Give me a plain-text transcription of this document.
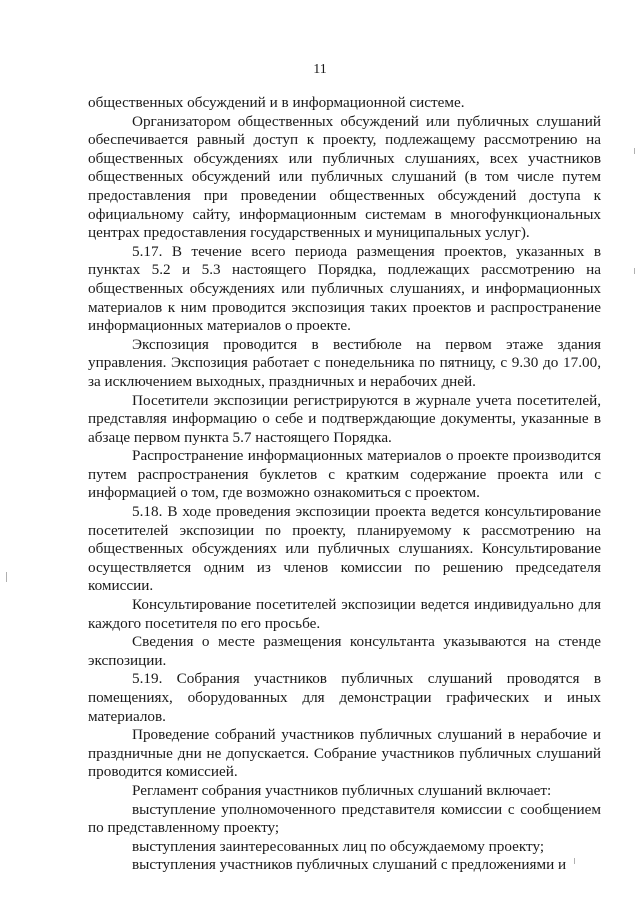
11

общественных обсуждений и в информационной системе.

Организатором общественных обсуждений или публичных слушаний обеспечивается равный доступ к проекту, подлежащему рассмотрению на общественных обсуждениях или публичных слушаниях, всех участников общественных обсуждений или публичных слушаний (в том числе путем предоставления при проведении общественных обсуждений доступа к официальному сайту, информационным системам в многофункциональных центрах предоставления государственных и муниципальных услуг).

5.17. В течение всего периода размещения проектов, указанных в пунктах 5.2 и 5.3 настоящего Порядка, подлежащих рассмотрению на общественных обсуждениях или публичных слушаниях, и информационных материалов к ним проводится экспозиция таких проектов и распространение информационных материалов о проекте.

Экспозиция проводится в вестибюле на первом этаже здания управления. Экспозиция работает с понедельника по пятницу, с 9.30 до 17.00, за исключением выходных, праздничных и нерабочих дней.

Посетители экспозиции регистрируются в журнале учета посетителей, представляя информацию о себе и подтверждающие документы, указанные в абзаце первом пункта 5.7 настоящего Порядка.

Распространение информационных материалов о проекте производится путем распространения буклетов с кратким содержание проекта или с информацией о том, где возможно ознакомиться с проектом.

5.18. В ходе проведения экспозиции проекта ведется консультирование посетителей экспозиции по проекту, планируемому к рассмотрению на общественных обсуждениях или публичных слушаниях. Консультирование осуществляется одним из членов комиссии по решению председателя комиссии.

Консультирование посетителей экспозиции ведется индивидуально для каждого посетителя по его просьбе.

Сведения о месте размещения консультанта указываются на стенде экспозиции.

5.19. Собрания участников публичных слушаний проводятся в помещениях, оборудованных для демонстрации графических и иных материалов.

Проведение собраний участников публичных слушаний в нерабочие и праздничные дни не допускается. Собрание участников публичных слушаний проводится комиссией.

Регламент собрания участников публичных слушаний включает:

выступление уполномоченного представителя комиссии с сообщением по представленному проекту;

выступления заинтересованных лиц по обсуждаемому проекту;

выступления участников публичных слушаний с предложениями и
